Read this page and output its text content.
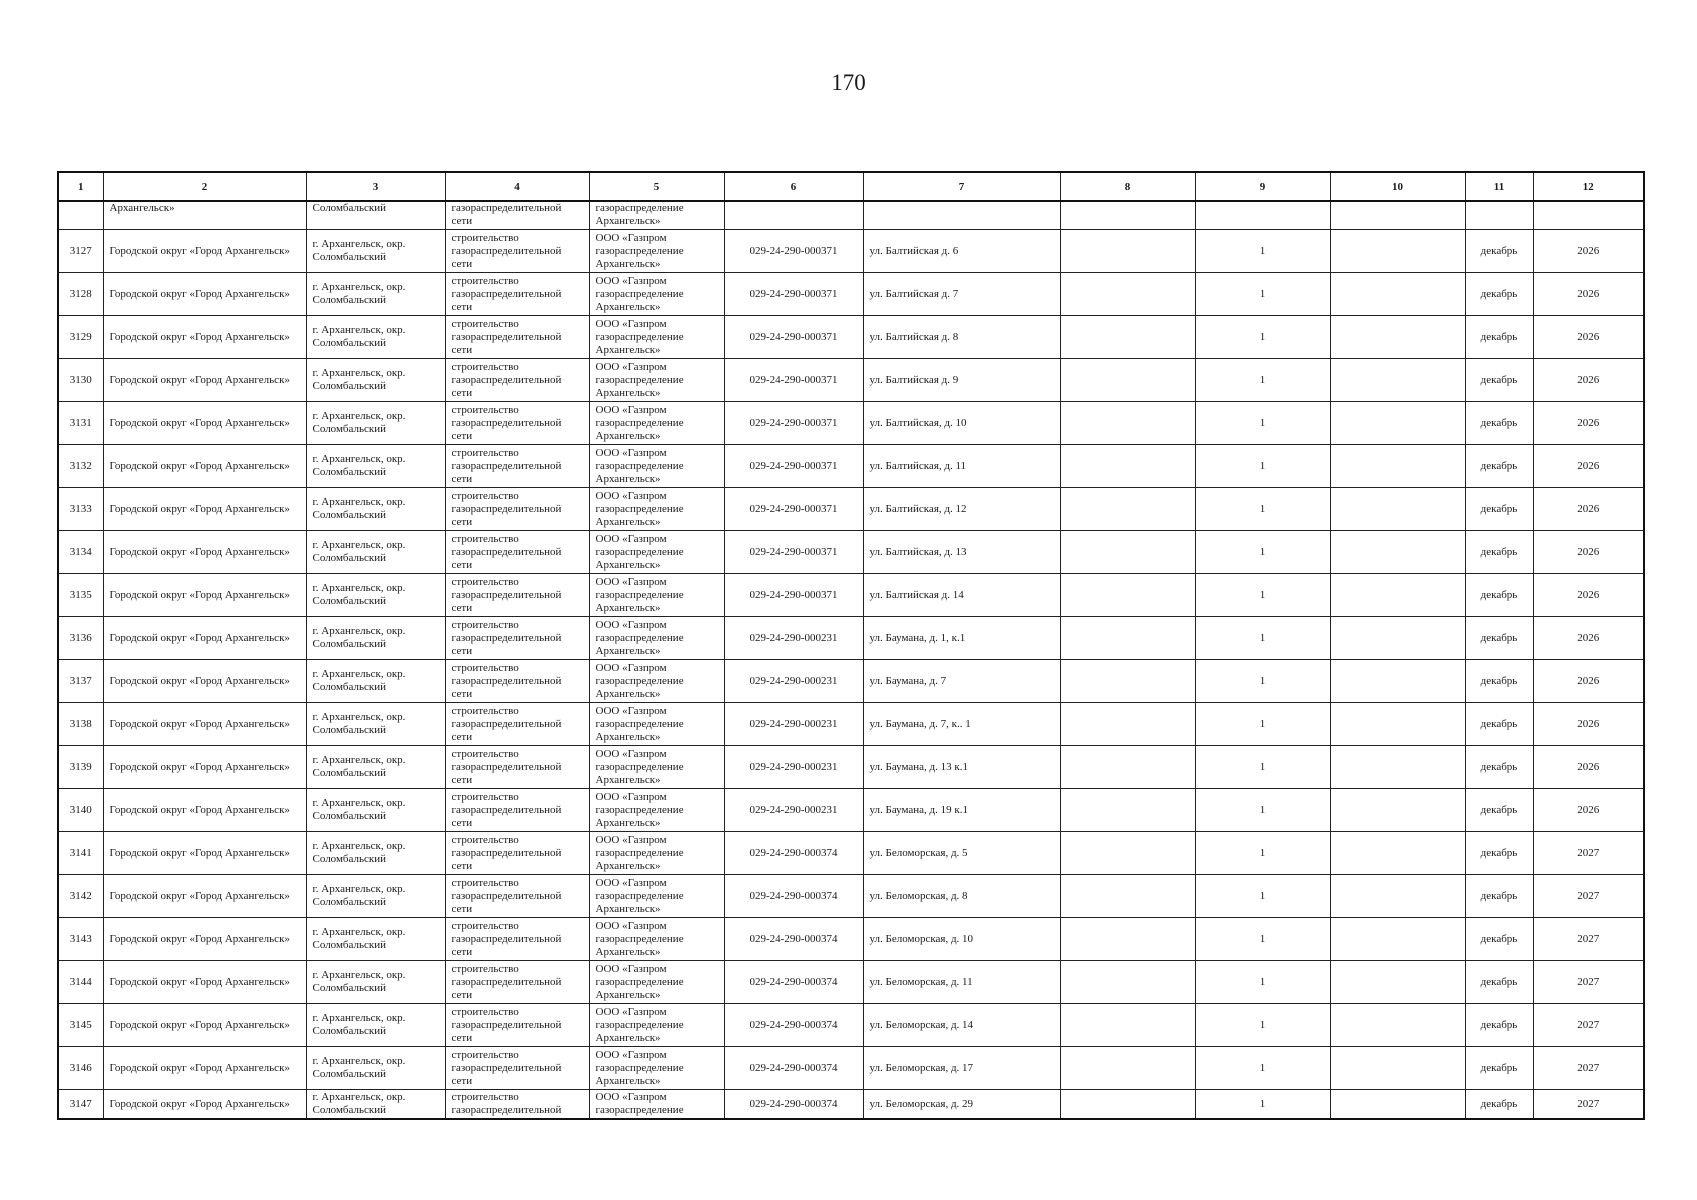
170
1	2	3	4	5	6	7	8	9	10	11	12
	Архангельск»	Соломбальский	газораспределительной сети	газораспределение Архангельск»							
3127	Городской округ «Город Архангельск»	г. Архангельск, окр. Соломбальский	строительство газораспределительной сети	ООО «Газпром газораспределение Архангельск»	029-24-290-000371	ул. Балтийская д. 6		1		декабрь	2026
3128	Городской округ «Город Архангельск»	г. Архангельск, окр. Соломбальский	строительство газораспределительной сети	ООО «Газпром газораспределение Архангельск»	029-24-290-000371	ул. Балтийская д. 7		1		декабрь	2026
3129	Городской округ «Город Архангельск»	г. Архангельск, окр. Соломбальский	строительство газораспределительной сети	ООО «Газпром газораспределение Архангельск»	029-24-290-000371	ул. Балтийская д. 8		1		декабрь	2026
3130	Городской округ «Город Архангельск»	г. Архангельск, окр. Соломбальский	строительство газораспределительной сети	ООО «Газпром газораспределение Архангельск»	029-24-290-000371	ул. Балтийская д. 9		1		декабрь	2026
3131	Городской округ «Город Архангельск»	г. Архангельск, окр. Соломбальский	строительство газораспределительной сети	ООО «Газпром газораспределение Архангельск»	029-24-290-000371	ул. Балтийская, д. 10		1		декабрь	2026
3132	Городской округ «Город Архангельск»	г. Архангельск, окр. Соломбальский	строительство газораспределительной сети	ООО «Газпром газораспределение Архангельск»	029-24-290-000371	ул. Балтийская, д. 11		1		декабрь	2026
3133	Городской округ «Город Архангельск»	г. Архангельск, окр. Соломбальский	строительство газораспределительной сети	ООО «Газпром газораспределение Архангельск»	029-24-290-000371	ул. Балтийская, д. 12		1		декабрь	2026
3134	Городской округ «Город Архангельск»	г. Архангельск, окр. Соломбальский	строительство газораспределительной сети	ООО «Газпром газораспределение Архангельск»	029-24-290-000371	ул. Балтийская, д. 13		1		декабрь	2026
3135	Городской округ «Город Архангельск»	г. Архангельск, окр. Соломбальский	строительство газораспределительной сети	ООО «Газпром газораспределение Архангельск»	029-24-290-000371	ул. Балтийская д. 14		1		декабрь	2026
3136	Городской округ «Город Архангельск»	г. Архангельск, окр. Соломбальский	строительство газораспределительной сети	ООО «Газпром газораспределение Архангельск»	029-24-290-000231	ул. Баумана, д. 1, к.1		1		декабрь	2026
3137	Городской округ «Город Архангельск»	г. Архангельск, окр. Соломбальский	строительство газораспределительной сети	ООО «Газпром газораспределение Архангельск»	029-24-290-000231	ул. Баумана, д. 7		1		декабрь	2026
3138	Городской округ «Город Архангельск»	г. Архангельск, окр. Соломбальский	строительство газораспределительной сети	ООО «Газпром газораспределение Архангельск»	029-24-290-000231	ул. Баумана, д. 7, к.. 1		1		декабрь	2026
3139	Городской округ «Город Архангельск»	г. Архангельск, окр. Соломбальский	строительство газораспределительной сети	ООО «Газпром газораспределение Архангельск»	029-24-290-000231	ул. Баумана, д. 13 к.1		1		декабрь	2026
3140	Городской округ «Город Архангельск»	г. Архангельск, окр. Соломбальский	строительство газораспределительной сети	ООО «Газпром газораспределение Архангельск»	029-24-290-000231	ул. Баумана, д. 19 к.1		1		декабрь	2026
3141	Городской округ «Город Архангельск»	г. Архангельск, окр. Соломбальский	строительство газораспределительной сети	ООО «Газпром газораспределение Архангельск»	029-24-290-000374	ул. Беломорская, д. 5		1		декабрь	2027
3142	Городской округ «Город Архангельск»	г. Архангельск, окр. Соломбальский	строительство газораспределительной сети	ООО «Газпром газораспределение Архангельск»	029-24-290-000374	ул. Беломорская, д. 8		1		декабрь	2027
3143	Городской округ «Город Архангельск»	г. Архангельск, окр. Соломбальский	строительство газораспределительной сети	ООО «Газпром газораспределение Архангельск»	029-24-290-000374	ул. Беломорская, д. 10		1		декабрь	2027
3144	Городской округ «Город Архангельск»	г. Архангельск, окр. Соломбальский	строительство газораспределительной сети	ООО «Газпром газораспределение Архангельск»	029-24-290-000374	ул. Беломорская, д. 11		1		декабрь	2027
3145	Городской округ «Город Архангельск»	г. Архангельск, окр. Соломбальский	строительство газораспределительной сети	ООО «Газпром газораспределение Архангельск»	029-24-290-000374	ул. Беломорская, д. 14		1		декабрь	2027
3146	Городской округ «Город Архангельск»	г. Архангельск, окр. Соломбальский	строительство газораспределительной сети	ООО «Газпром газораспределение Архангельск»	029-24-290-000374	ул. Беломорская, д. 17		1		декабрь	2027
3147	Городской округ «Город Архангельск»	г. Архангельск, окр. Соломбальский	строительство газораспределительной	ООО «Газпром газораспределение	029-24-290-000374	ул. Беломорская, д. 29		1		декабрь	2027
